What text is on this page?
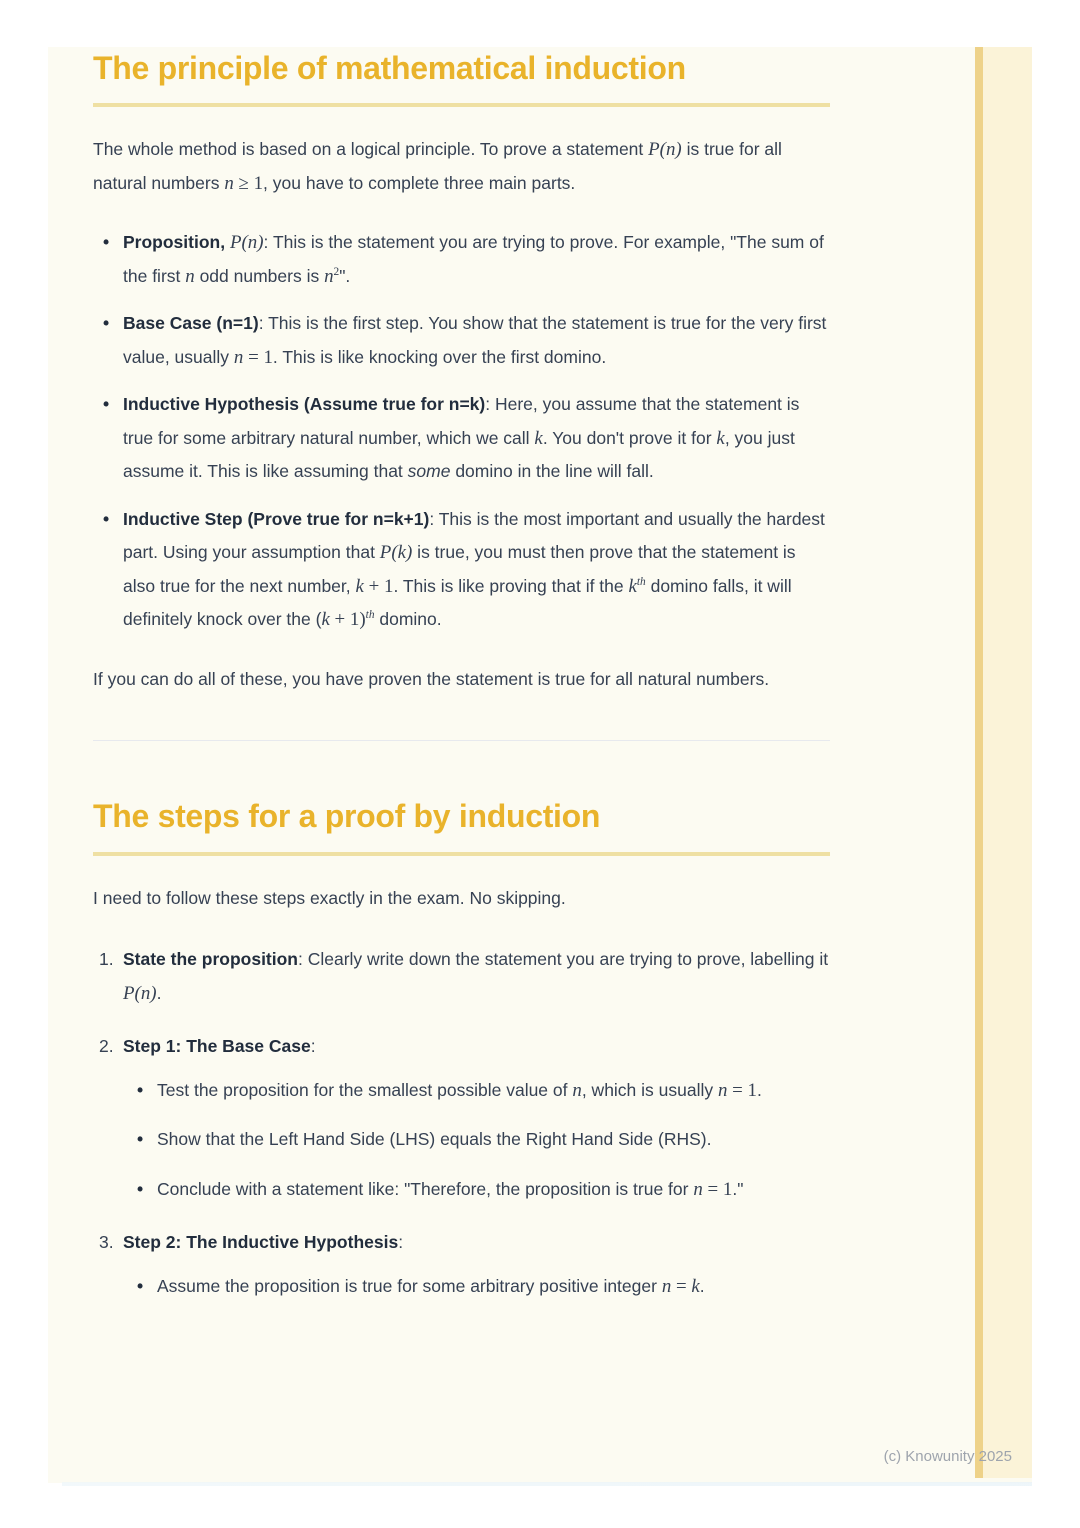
The principle of mathematical induction

The whole method is based on a logical principle. To prove a statement P(n) is true for all natural numbers n ≥ 1, you have to complete three main parts.

• Proposition, P(n): This is the statement you are trying to prove. For example, "The sum of the first n odd numbers is $n^2$".
• Base Case (n=1): This is the first step. You show that the statement is true for the very first value, usually n = 1. This is like knocking over the first domino.
• Inductive Hypothesis (Assume true for n=k): Here, you assume that the statement is true for some arbitrary natural number, which we call k. You don't prove it for k, you just assume it. This is like assuming that some domino in the line will fall.
• Inductive Step (Prove true for n=k+1): This is the most important and usually the hardest part. Using your assumption that P(k) is true, you must then prove that the statement is also true for the next number, k + 1. This is like proving that if the $k^{th}$ domino falls, it will definitely knock over the $(k + 1)^{th}$ domino.

If you can do all of these, you have proven the statement is true for all natural numbers.

The steps for a proof by induction

I need to follow these steps exactly in the exam. No skipping.

1. State the proposition: Clearly write down the statement you are trying to prove, labelling it P(n).
2. Step 1: The Base Case:
• Test the proposition for the smallest possible value of n, which is usually n = 1.
• Show that the Left Hand Side (LHS) equals the Right Hand Side (RHS).
• Conclude with a statement like: "Therefore, the proposition is true for n = 1."
3. Step 2: The Inductive Hypothesis:
• Assume the proposition is true for some arbitrary positive integer n = k.
(c) Knowunity 2025
